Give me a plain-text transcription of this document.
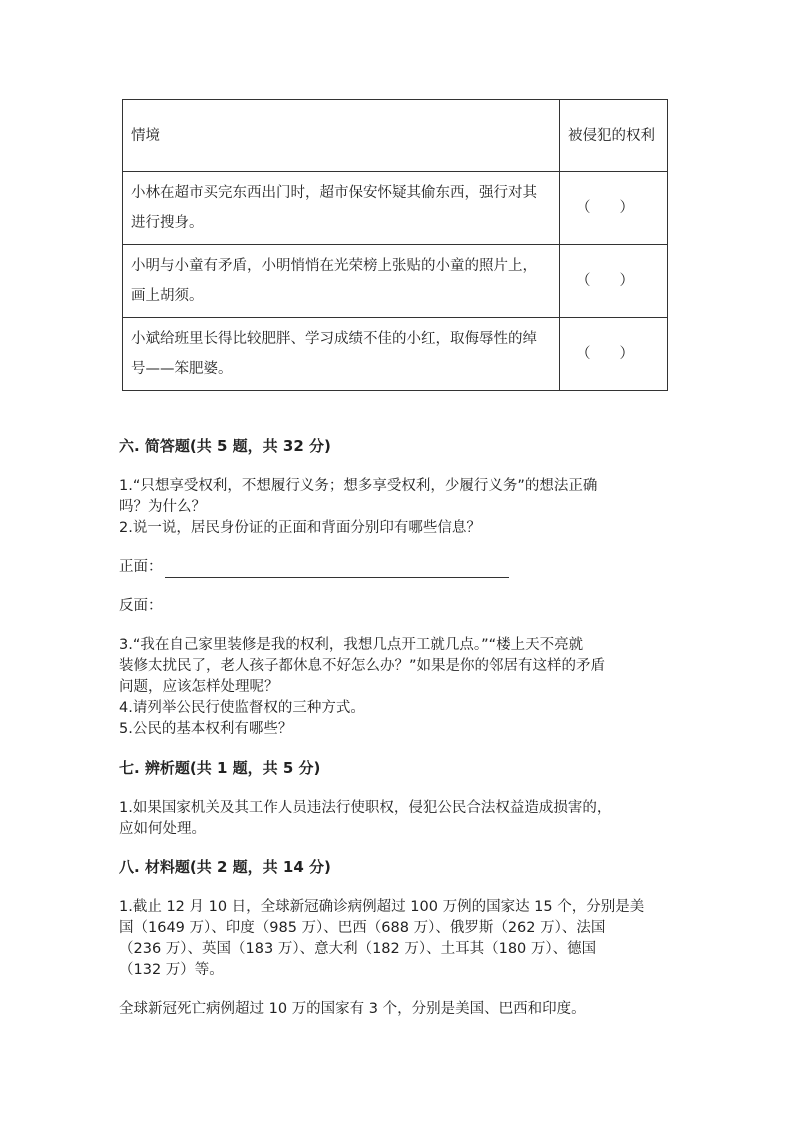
情境	被侵犯的权利
小林在超市买完东西出门时，超市保安怀疑其偷东西，强行对其进行搜身。	（　　）
小明与小童有矛盾，小明悄悄在光荣榜上张贴的小童的照片上，画上胡须。	（　　）
小斌给班里长得比较肥胖、学习成绩不佳的小红，取侮辱性的绰号——笨肥婆。	（　　）
六. 简答题(共 5 题，共 32 分)
1.“只想享受权利，不想履行义务；想多享受权利，少履行义务”的想法正确
吗？为什么？
2.说一说，居民身份证的正面和背面分别印有哪些信息？
正面：
反面：
3.“我在自己家里装修是我的权利，我想几点开工就几点。”“楼上天不亮就
装修太扰民了，老人孩子都休息不好怎么办？”如果是你的邻居有这样的矛盾
问题，应该怎样处理呢？
4.请列举公民行使监督权的三种方式。
5.公民的基本权利有哪些？
七. 辨析题(共 1 题，共 5 分)
1.如果国家机关及其工作人员违法行使职权，侵犯公民合法权益造成损害的，
应如何处理。
八. 材料题(共 2 题，共 14 分)
1.截止 12 月 10 日，全球新冠确诊病例超过 100 万例的国家达 15 个，分别是美
国（1649 万）、印度（985 万）、巴西（688 万）、俄罗斯（262 万）、法国
（236 万）、英国（183 万）、意大利（182 万）、土耳其（180 万）、德国
（132 万）等。
全球新冠死亡病例超过 10 万的国家有 3 个，分别是美国、巴西和印度。
